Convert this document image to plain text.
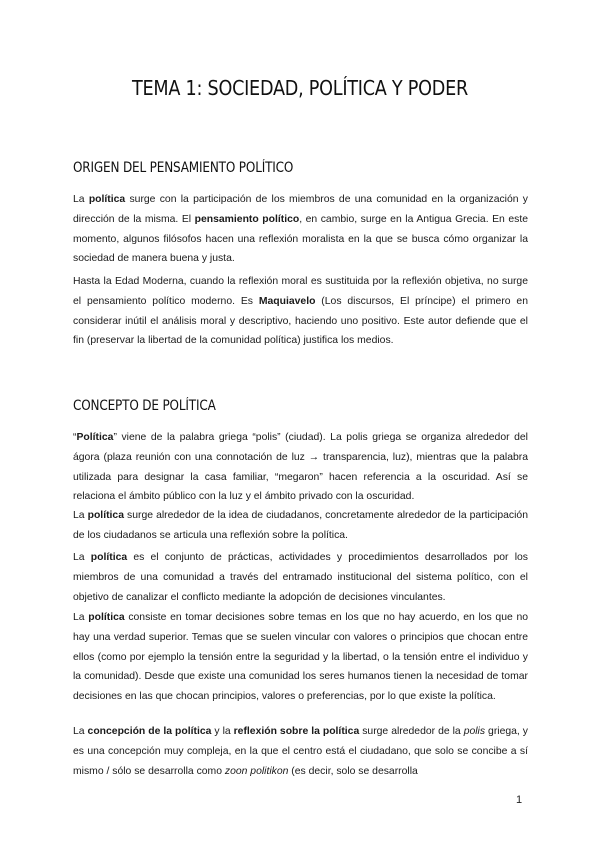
TEMA 1: SOCIEDAD, POLÍTICA Y PODER
ORIGEN DEL PENSAMIENTO POLÍTICO

La política surge con la participación de los miembros de una comunidad en la organización y dirección de la misma. El pensamiento político, en cambio, surge en la Antigua Grecia. En este momento, algunos filósofos hacen una reflexión moralista en la que se busca cómo organizar la sociedad de manera buena y justa.

Hasta la Edad Moderna, cuando la reflexión moral es sustituida por la reflexión objetiva, no surge el pensamiento político moderno. Es Maquiavelo (Los discursos, El príncipe) el primero en considerar inútil el análisis moral y descriptivo, haciendo uno positivo. Este autor defiende que el fin (preservar la libertad de la comunidad política) justifica los medios.

CONCEPTO DE POLÍTICA

“Política” viene de la palabra griega “polis” (ciudad). La polis griega se organiza alrededor del ágora (plaza reunión con una connotación de luz → transparencia, luz), mientras que la palabra utilizada para designar la casa familiar, “megaron” hacen referencia a la oscuridad. Así se relaciona el ámbito público con la luz y el ámbito privado con la oscuridad.

La política surge alrededor de la idea de ciudadanos, concretamente alrededor de la participación de los ciudadanos se articula una reflexión sobre la política.

La política es el conjunto de prácticas, actividades y procedimientos desarrollados por los miembros de una comunidad a través del entramado institucional del sistema político, con el objetivo de canalizar el conflicto mediante la adopción de decisiones vinculantes.

La política consiste en tomar decisiones sobre temas en los que no hay acuerdo, en los que no hay una verdad superior. Temas que se suelen vincular con valores o principios que chocan entre ellos (como por ejemplo la tensión entre la seguridad y la libertad, o la tensión entre el individuo y la comunidad). Desde que existe una comunidad los seres humanos tienen la necesidad de tomar decisiones en las que chocan principios, valores o preferencias, por lo que existe la política.

La concepción de la política y la reflexión sobre la política surge alrededor de la polis griega, y es una concepción muy compleja, en la que el centro está el ciudadano, que solo se concibe a sí mismo / sólo se desarrolla como zoon politikon (es decir, solo se desarrolla

1
